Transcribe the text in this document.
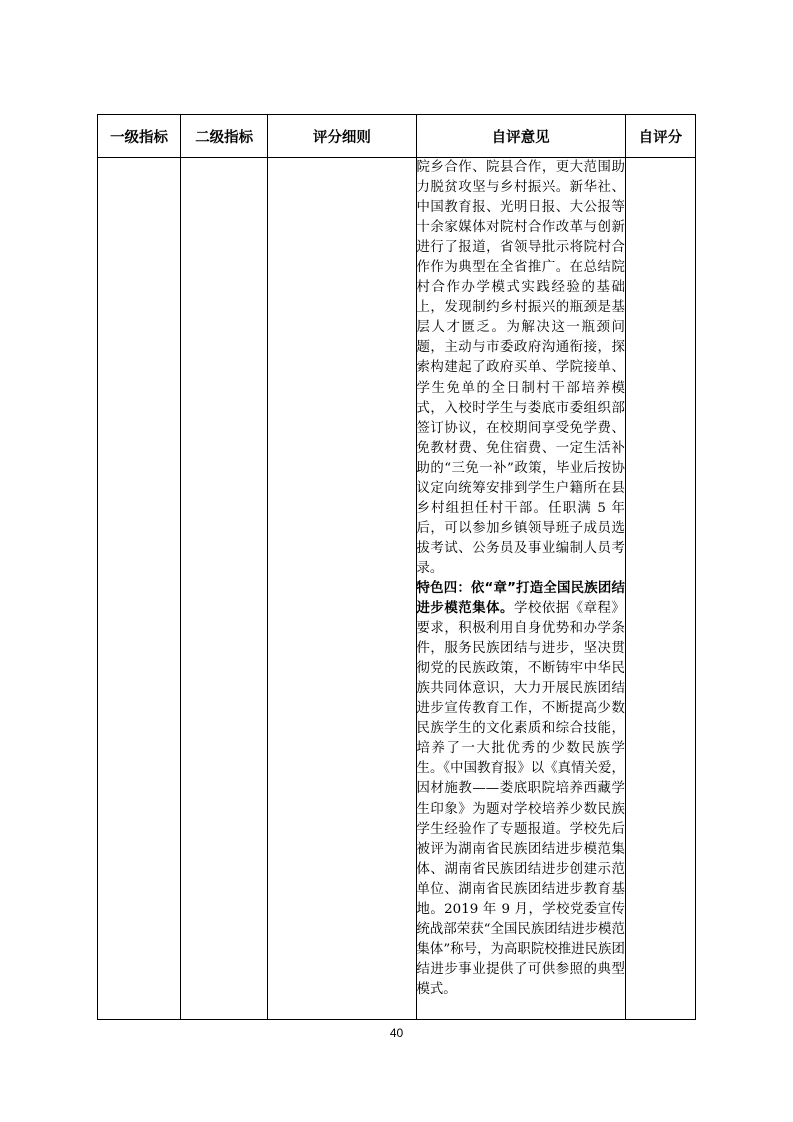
一级指标	二级指标	评分细则	自评意见	自评分

			院乡合作、院县合作，更大范围助力脱贫攻坚与乡村振兴。新华社、中国教育报、光明日报、大公报等十余家媒体对院村合作改革与创新进行了报道，省领导批示将院村合作作为典型在全省推广。在总结院村合作办学模式实践经验的基础上，发现制约乡村振兴的瓶颈是基层人才匮乏。为解决这一瓶颈问题，主动与市委政府沟通衔接，探索构建起了政府买单、学院接单、学生免单的全日制村干部培养模式，入校时学生与娄底市委组织部签订协议，在校期间享受免学费、免教材费、免住宿费、一定生活补助的“三免一补”政策，毕业后按协议定向统筹安排到学生户籍所在县乡村组担任村干部。任职满 5 年后，可以参加乡镇领导班子成员选拔考试、公务员及事业编制人员考录。

特色四：依“章”打造全国民族团结进步模范集体。学校依据《章程》要求，积极利用自身优势和办学条件，服务民族团结与进步，坚决贯彻党的民族政策，不断铸牢中华民族共同体意识，大力开展民族团结进步宣传教育工作，不断提高少数民族学生的文化素质和综合技能，培养了一大批优秀的少数民族学生。《中国教育报》以《真情关爱，因材施教——娄底职院培养西藏学生印象》为题对学校培养少数民族学生经验作了专题报道。学校先后被评为湖南省民族团结进步模范集体、湖南省民族团结进步创建示范单位、湖南省民族团结进步教育基地。2019 年 9 月，学校党委宣传统战部荣获“全国民族团结进步模范集体”称号，为高职院校推进民族团结进步事业提供了可供参照的典型模式。	

40
